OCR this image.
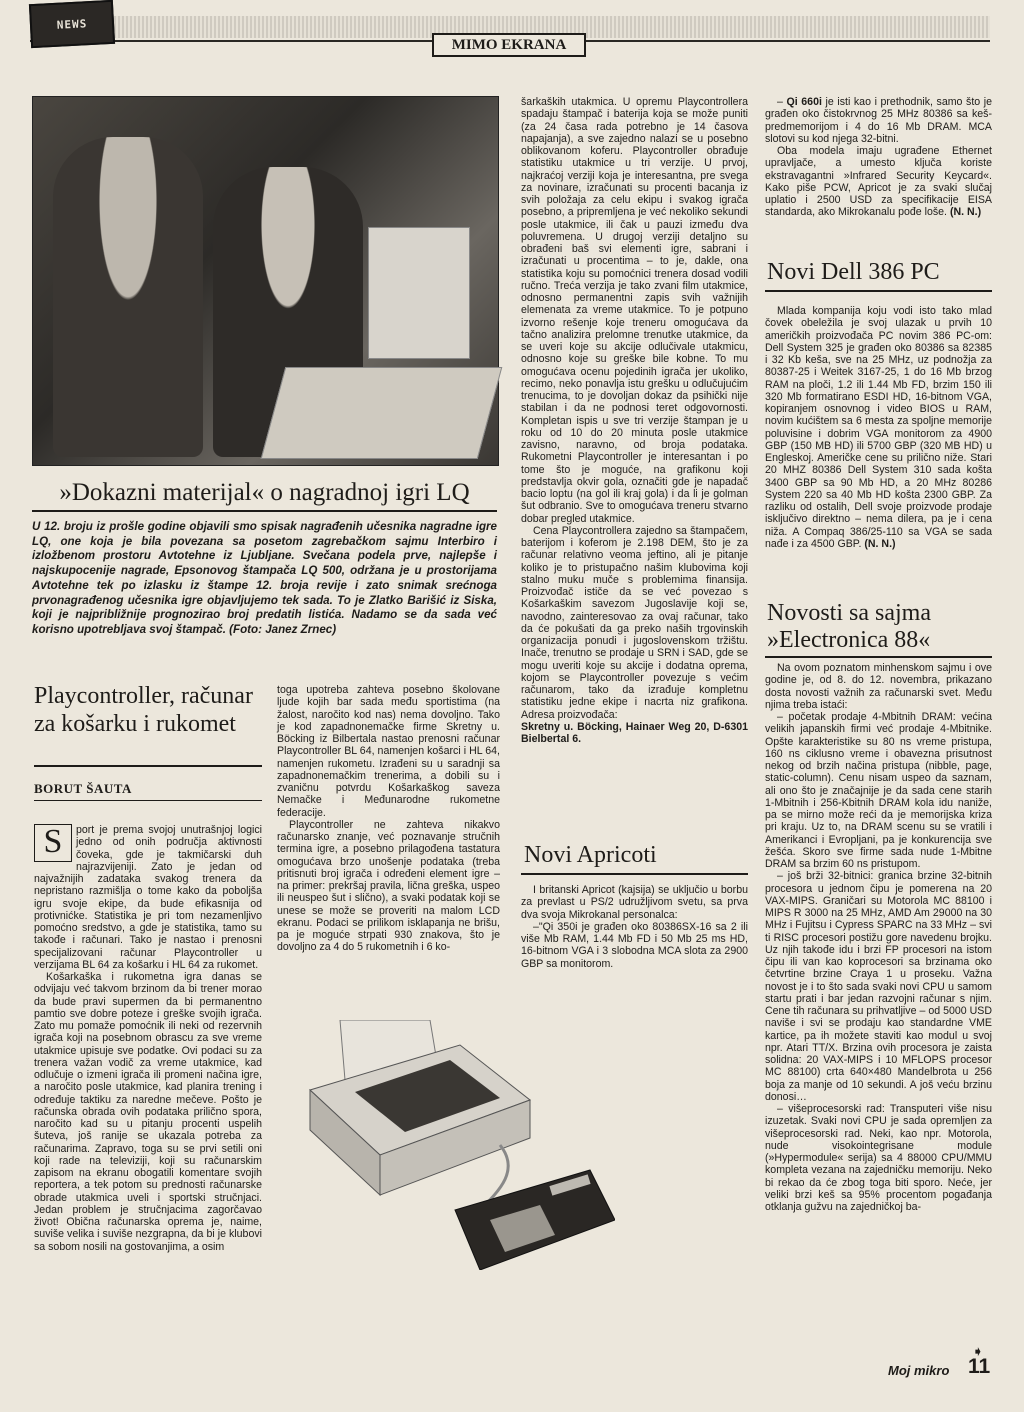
NEWS
MIMO EKRANA
»Dokazni materijal« o nagradnoj igri LQ
U 12. broju iz prošle godine objavili smo spisak nagrađenih učesnika nagradne igre LQ, one koja je bila povezana sa posetom zagrebačkom sajmu Interbiro i izložbenom prostoru Avtotehne iz Ljubljane. Svečana podela prve, najlepše i najskupocenije nagrade, Epsonovog štampača LQ 500, održana je u prostorijama Avtotehne tek po izlasku iz štampe 12. broja revije i zato snimak srećnoga prvonagrađenog učesnika igre objavljujemo tek sada. To je Zlatko Barišić iz Siska, koji je najpribližnije prognozirao broj predatih listića. Nadamo se da sada već korisno upotrebljava svoj štampač. (Foto: Janez Zrnec)
Playcontroller, računar za košarku i rukomet
BORUT ŠAUTA
S	port je prema svojoj unutrašnjoj logici jedno od onih područja aktivnosti čoveka, gde je takmičarski duh najrazvijeniji. Zato je jedan od najvažnijih zadataka svakog trenera da nepristano razmišlja o tome kako da poboljša igru svoje ekipe, da bude efikasnija od protivnićke. Statistika je pri tom nezamenljivo pomoćno sredstvo, a gde je statistika, tamo su takođe i računari. Tako je nastao i prenosni specijalizovani računar Playcontroller u verzijama BL 64 za košarku i HL 64 za rukomet.

Košarkaška i rukometna igra danas se odvijaju već takvom brzinom da bi trener morao da bude pravi supermen da bi permanentno pamtio sve dobre poteze i greške svojih igrača. Zato mu pomaže pomoćnik ili neki od rezervnih igrača koji na posebnom obrascu za sve vreme utakmice upisuje sve podatke. Ovi podaci su za trenera važan vodič za vreme utakmice, kad odlučuje o izmeni igrača ili promeni načina igre, a naročito posle utakmice, kad planira trening i određuje taktiku za naredne mečeve. Pošto je računska obrada ovih podataka prilično spora, naročito kad su u pitanju procenti uspelih šuteva, još ranije se ukazala potreba za računarima. Zapravo, toga su se prvi setili oni koji rade na televiziji, koji su računarskim zapisom na ekranu obogatili komentare svojih reportera, a tek potom su prednosti računarske obrade utakmica uveli i sportski stručnjaci. Jedan problem je stručnjacima zagorčavao život! Obična računarska oprema je, naime, suviše velika i suviše nezgrapna, da bi je klubovi sa sobom nosili na gostovanjima, a osim

toga upotreba zahteva posebno školovane ljude kojih bar sada među sportistima (na žalost, naročito kod nas) nema dovoljno. Tako je kod zapadnonemačke firme Skretny u. Böcking iz Bilbertala nastao prenosni računar Playcontroller BL 64, namenjen košarci i HL 64, namenjen rukometu. Izrađeni su u saradnji sa zapadnonemačkim trenerima, a dobili su i zvaničnu potvrdu Košarkaškog saveza Nemačke i Međunarodne rukometne federacije.

Playcontroller ne zahteva nikakvo računarsko znanje, već poznavanje stručnih termina igre, a posebno prilagođena tastatura omogućava brzo unošenje podataka (treba pritisnuti broj igrača i određeni element igre – na primer: prekršaj pravila, lična greška, uspeo ili neuspeo šut i slično), a svaki podatak koji se unese se može se proveriti na malom LCD ekranu. Podaci se prilikom isklapanja ne brišu, pa je moguće strpati 930 znakova, što je dovoljno za 4 do 5 rukometnih i 6 ko-

šarkaških utakmica. U opremu Playcontrollera spadaju štampač i baterija koja se može puniti (za 24 časa rada potrebno je 14 časova napajanja), a sve zajedno nalazi se u posebno oblikovanom koferu. Playcontroller obrađuje statistiku utakmice u tri verzije. U prvoj, najkraćoj verziji koja je interesantna, pre svega za novinare, izračunati su procenti bacanja iz svih položaja za celu ekipu i svakog igrača posebno, a pripremljena je već nekoliko sekundi posle utakmice, ili čak u pauzi između dva poluvremena. U drugoj verziji detaljno su obrađeni baš svi elementi igre, sabrani i izračunati u procentima – to je, dakle, ona statistika koju su pomoćnici trenera dosad vodili ručno. Treća verzija je tako zvani film utakmice, odnosno permanentni zapis svih važnijih elemenata za vreme utakmice. To je potpuno izvorno rešenje koje treneru omogućava da tačno analizira prelomne trenutke utakmice, da se uveri koje su akcije odlučivale utakmicu, odnosno koje su greške bile kobne. To mu omogućava ocenu pojedinih igrača jer ukoliko, recimo, neko ponavlja istu grešku u odlučujućim trenucima, to je dovoljan dokaz da psihički nije stabilan i da ne podnosi teret odgovornosti. Kompletan ispis u sve tri verzije štampan je u roku od 10 do 20 minuta posle utakmice zavisno, naravno, od broja podataka. Rukometni Playcontroller je interesantan i po tome što je moguće, na grafikonu koji predstavlja okvir gola, označiti gde je napadač bacio loptu (na gol ili kraj gola) i da li je golman šut odbranio. Sve to omogućava treneru stvarno dobar pregled utakmice.

Cena Playcontrollera zajedno sa štampačem, baterijom i koferom je 2.198 DEM, što je za računar relativno veoma jeftino, ali je pitanje koliko je to pristupačno našim klubovima koji stalno muku muče s problemima finansija. Proizvođač ističe da se već povezao s Košarkaškim savezom Jugoslavije koji se, navodno, zainteresovao za ovaj računar, tako da će pokušati da ga preko naših trgovinskih organizacija ponudi i jugoslovenskom tržištu. Inače, trenutno se prodaje u SRN i SAD, gde se mogu uveriti koje su akcije i dodatna oprema, kojom se Playcontroller povezuje s većim računarom, tako da izrađuje kompletnu statistiku jedne ekipe i nacrta niz grafikona. Adresa proizvođača:

Skretny u. Böcking, Hainaer Weg 20, D-6301 Bielbertal 6.

Novi Apricoti

I britanski Apricot (kajsija) se uključio u borbu za prevlast u PS/2 udružljivom svetu, sa prva dva svoja Mikrokanal personalca:

–"Qi 350i je građen oko 80386SX-16 sa 2 ili više Mb RAM, 1.44 Mb FD i 50 Mb 25 ms HD, 16-bitnom VGA i 3 slobodna MCA slota za 2900 GBP sa monitorom.

– Qi 660i je isti kao i prethodnik, samo što je građen oko čistokrvnog 25 MHz 80386 sa keš-predmemorijom i 4 do 16 Mb DRAM. MCA slotovi su kod njega 32-bitni.

Oba modela imaju ugrađene Ethernet upravljače, a umesto ključa koriste ekstravagantni »Infrared Security Keycard«. Kako piše PCW, Apricot je za svaki slučaj uplatio i 2500 USD za specifikacije EISA standarda, ako Mikrokanalu pođe loše. (N. N.)

Novi Dell 386 PC

Mlada kompanija koju vodi isto tako mlad čovek obeležila je svoj ulazak u prvih 10 američkih proizvođača PC novim 386 PC-om: Dell System 325 je građen oko 80386 sa 82385 i 32 Kb keša, sve na 25 MHz, uz podnožja za 80387-25 i Weitek 3167-25, 1 do 16 Mb brzog RAM na ploči, 1.2 ili 1.44 Mb FD, brzim 150 ili 320 Mb formatirano ESDI HD, 16-bitnom VGA, kopiranjem osnovnog i video BIOS u RAM, novim kućištem sa 6 mesta za spoljne memorije poluvisine i dobrim VGA monitorom za 4900 GBP (150 MB HD) ili 5700 GBP (320 MB HD) u Engleskoj. Američke cene su prilično niže. Stari 20 MHZ 80386 Dell System 310 sada košta 3400 GBP sa 90 Mb HD, a 20 MHz 80286 System 220 sa 40 Mb HD košta 2300 GBP. Za razliku od ostalih, Dell svoje proizvode prodaje isključivo direktno – nema dilera, pa je i cena niža. A Compaq 386/25-110 sa VGA se sada nađe i za 4500 GBP. (N. N.)

Novosti sa sajma
»Electronica 88«

Na ovom poznatom minhenskom sajmu i ove godine je, od 8. do 12. novembra, prikazano dosta novosti važnih za računarski svet. Među njima treba istaći:

– početak prodaje 4-Mbitnih DRAM: većina velikih japanskih firmi već prodaje 4-Mbitnike. Opšte karakteristike su 80 ns vreme pristupa, 160 ns ciklusno vreme i obavezna prisutnost nekog od brzih načina pristupa (nibble, page, static-column). Cenu nisam uspeo da saznam, ali ono što je značajnije je da sada cene starih 1-Mbitnih i 256-Kbitnih DRAM kola idu naniže, pa se mirno može reći da je memorijska kriza pri kraju. Uz to, na DRAM scenu su se vratili i Amerikanci i Evropljani, pa je konkurencija sve žešća. Skoro sve firme sada nude 1-Mbitne DRAM sa brzim 60 ns pristupom.

– još brži 32-bitnici: granica brzine 32-bitnih procesora u jednom čipu je pomerena na 20 VAX-MIPS. Graničari su Motorola MC 88100 i MIPS R 3000 na 25 MHz, AMD Am 29000 na 30 MHz i Fujitsu i Cypress SPARC na 33 MHz – svi ti RISC procesori postižu gore navedenu brojku. Uz njih takođe idu i brzi FP procesori na istom čipu ili van kao koprocesori sa brzinama oko četvrtine brzine Craya 1 u proseku. Važna novost je i to što sada svaki novi CPU u samom startu prati i bar jedan razvojni računar s njim. Cene tih računara su prihvatljive – od 5000 USD naviše i svi se prodaju kao standardne VME kartice, pa ih možete staviti kao modul u svoj npr. Atari TT/X. Brzina ovih procesora je zaista solidna: 20 VAX-MIPS i 10 MFLOPS procesor MC 88100) crta 640×480 Mandelbrota u 256 boja za manje od 10 sekundi. A još veću brzinu donosi…

– višeprocesorski rad: Transputeri više nisu izuzetak. Svaki novi CPU je sada opremljen za višeprocesorski rad. Neki, kao npr. Motorola, nude visokointegrisane module (»Hypermodule« serija) sa 4 88000 CPU/MMU kompleta vezana na zajedničku memoriju. Neko bi rekao da će zbog toga biti sporo. Neće, jer veliki brzi keš sa 95% procentom pogađanja otklanja gužvu na zajedničkoj ba-

➧
Moj mikro 11
